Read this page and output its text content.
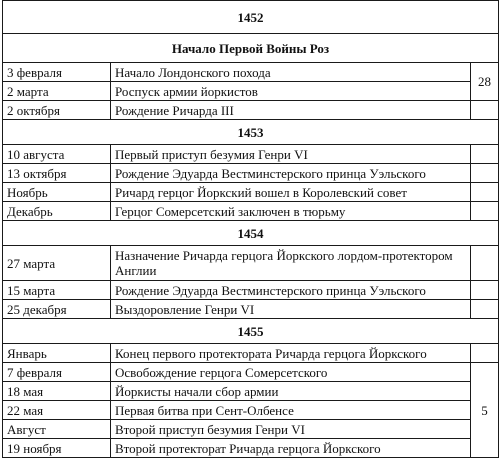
1452		
Начало Первой Войны Роз		
3 февраля	Начало Лондонского похода	28
2 марта	Роспуск армии йоркистов	
2 октября	Рождение Ричарда III	
1453		
10 августа	Первый приступ безумия Генри VI	
13 октября	Рождение Эдуарда Вестминстерского принца Уэльского	
Ноябрь	Ричард герцог Йоркский вошел в Королевский совет	
Декабрь	Герцог Сомерсетский заключен в тюрьму	
1454		
27 марта	Назначение Ричарда герцога Йоркского лордом-протектором Англии	
15 марта	Рождение Эдуарда Вестминстерского принца Уэльского	
25 декабря	Выздоровление Генри VI	
1455		
Январь	Конец первого протектората Ричарда герцога Йоркского	
7 февраля	Освобождение герцога Сомерсетского	5
18 мая	Йоркисты начали сбор армии	
22 мая	Первая битва при Сент-Олбенсе	
Август	Второй приступ безумия Генри VI	
19 ноября	Второй протекторат Ричарда герцога Йоркского	
